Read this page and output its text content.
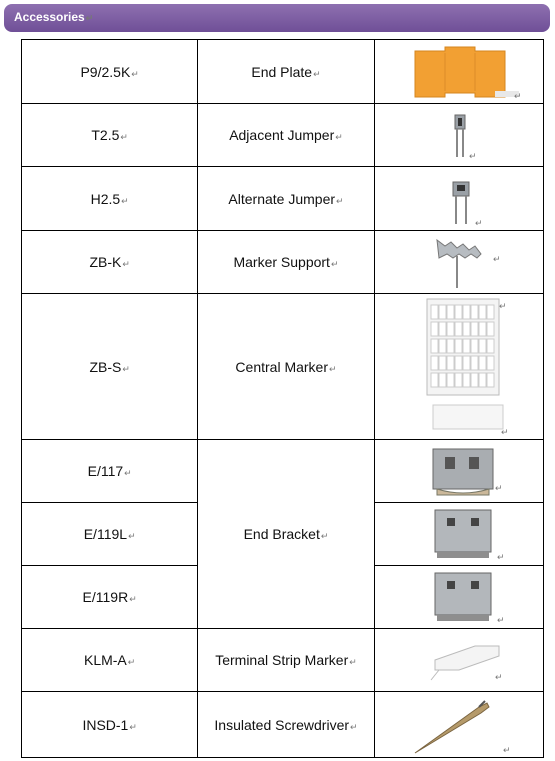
Accessories↵
P9/2.5K↵	End Plate↵	↵

T2.5↵	Adjacent Jumper↵	↵

H2.5↵	Alternate Jumper↵	↵

ZB-K↵	Marker Support↵	↵

ZB-S↵	Central Marker↵	↵
↵

E/117↵	End Bracket↵	↵

E/119L↵		↵

E/119R↵		↵

KLM-A↵	Terminal Strip Marker↵	↵

INSD-1↵	Insulated Screwdriver↵	↵
